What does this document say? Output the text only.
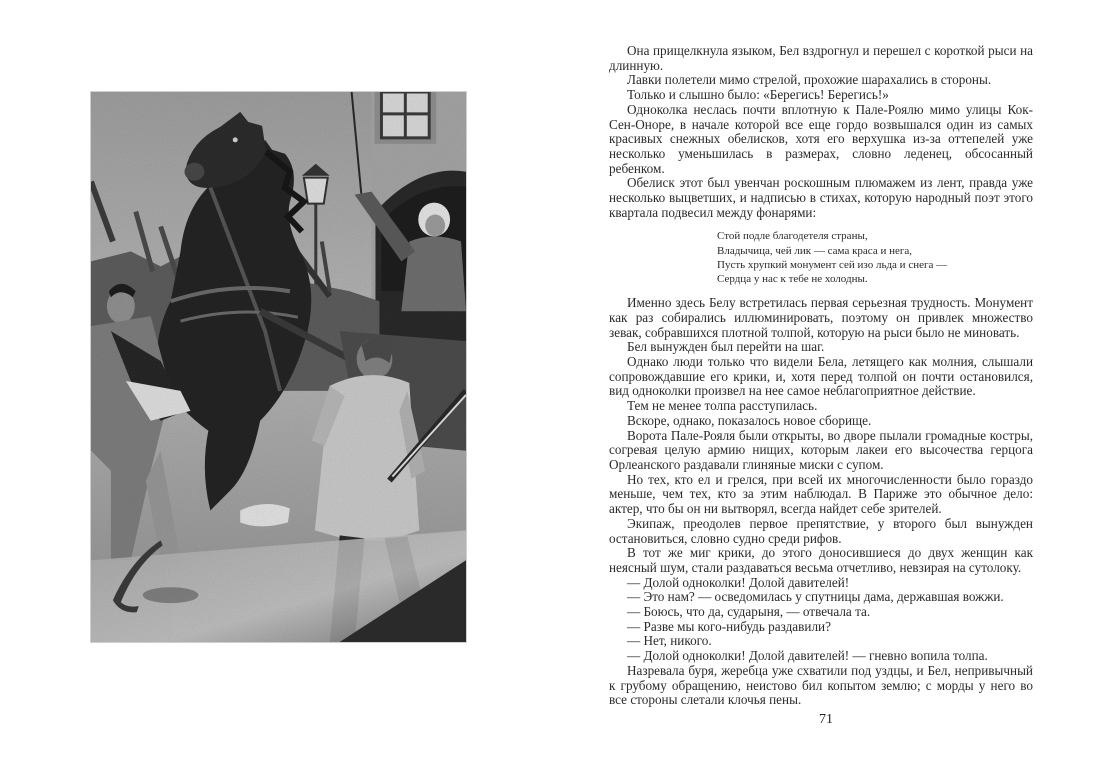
Она прищелкнула языком, Бел вздрогнул и перешел с короткой рыси на длинную.

Лавки полетели мимо стрелой, прохожие шарахались в стороны.

Только и слышно было: «Берегись! Берегись!»

Одноколка неслась почти вплотную к Пале-Роялю мимо улицы Кок-Сен-Оноре, в начале которой все еще гордо возвышался один из самых красивых снежных обелисков, хотя его верхушка из-за оттепелей уже несколько уменьшилась в размерах, словно леденец, обсосанный ребенком.

Обелиск этот был увенчан роскошным плюмажем из лент, правда уже несколько выцветших, и надписью в стихах, которую народный поэт этого квартала подвесил между фонарями:

Стой подле благодетеля страны,
Владычица, чей лик — сама краса и нега,
Пусть хрупкий монумент сей изо льда и снега —
Сердца у нас к тебе не холодны.

Именно здесь Белу встретилась первая серьезная трудность. Монумент как раз собирались иллюминировать, поэтому он привлек множество зевак, собравшихся плотной толпой, которую на рыси было не миновать.

Бел вынужден был перейти на шаг.

Однако люди только что видели Бела, летящего как молния, слышали сопровождавшие его крики, и, хотя перед толпой он почти остановился, вид одноколки произвел на нее самое неблагоприятное действие.

Тем не менее толпа расступилась.

Вскоре, однако, показалось новое сборище.

Ворота Пале-Рояля были открыты, во дворе пылали громадные костры, согревая целую армию нищих, которым лакеи его высочества герцога Орлеанского раздавали глиняные миски с супом.

Но тех, кто ел и грелся, при всей их многочисленности было гораздо меньше, чем тех, кто за этим наблюдал. В Париже это обычное дело: актер, что бы он ни вытворял, всегда найдет себе зрителей.

Экипаж, преодолев первое препятствие, у второго был вынужден остановиться, словно судно среди рифов.

В тот же миг крики, до этого доносившиеся до двух женщин как неясный шум, стали раздаваться весьма отчетливо, невзирая на сутолоку.

— Долой одноколки! Долой давителей!

— Это нам? — осведомилась у спутницы дама, державшая вожжи.

— Боюсь, что да, сударыня, — отвечала та.

— Разве мы кого-нибудь раздавили?

— Нет, никого.

— Долой одноколки! Долой давителей! — гневно вопила толпа.

Назревала буря, жеребца уже схватили под уздцы, и Бел, непривычный к грубому обращению, неистово бил копытом землю; с морды у него во все стороны слетали клочья пены.

71
